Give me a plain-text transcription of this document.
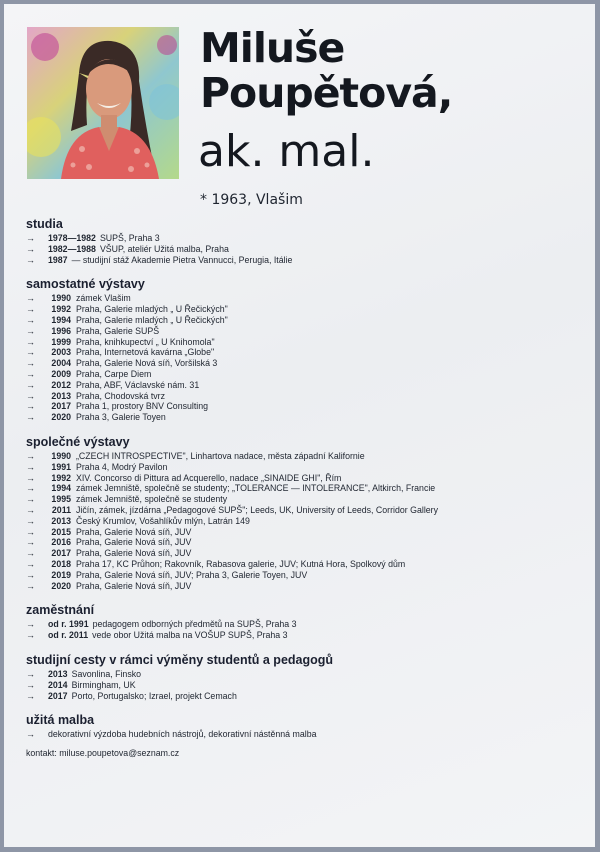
Miluše
Poupětová,
ak. mal.
* 1963, Vlašim
studia
→	1978—1982 SUPŠ, Praha 3
→	1982—1988 VŠUP, ateliér Užitá malba, Praha
→	1987 — studijní stáž Akademie Pietra Vannucci, Perugia, Itálie
samostatné výstavy
→	1990 zámek Vlašim
→	1992 Praha, Galerie mladých „ U Řečických"
→	1994 Praha, Galerie mladých „ U Řečických"
→	1996 Praha, Galerie SUPŠ
→	1999 Praha, knihkupectví „ U Knihomola"
→	2003 Praha, Internetová kavárna „Globe"
→	2004 Praha, Galerie Nová síň, Voršilská 3
→	2009 Praha, Carpe Diem
→	2012 Praha, ABF, Václavské nám. 31
→	2013 Praha, Chodovská tvrz
→	2017 Praha 1, prostory BNV Consulting
→	2020 Praha 3, Galerie Toyen
společné výstavy
→	1990 „CZECH INTROSPECTIVE", Linhartova nadace, města západní Kalifornie
→	1991 Praha 4, Modrý Pavilon
→	1992 XIV. Concorso di Pittura ad Acquerello, nadace „SINAIDE GHI", Řím
→	1994 zámek Jemniště, společně se studenty; „TOLERANCE — INTOLERANCE", Altkirch, Francie
→	1995 zámek Jemniště, společně se studenty
→	2011 Jičín, zámek, jízdárna „Pedagogové SUPŠ"; Leeds, UK, University of Leeds, Corridor Gallery
→	2013 Český Krumlov, Vošahlíkův mlýn, Latrán 149
→	2015 Praha, Galerie Nová síň, JUV
→	2016 Praha, Galerie Nová síň, JUV
→	2017 Praha, Galerie Nová síň, JUV
→	2018 Praha 17, KC Průhon; Rakovník, Rabasova galerie, JUV; Kutná Hora, Spolkový dům
→	2019 Praha, Galerie Nová síň, JUV; Praha 3, Galerie Toyen, JUV
→	2020 Praha, Galerie Nová síň, JUV
zaměstnání
→	od r. 1991 pedagogem odborných předmětů na SUPŠ, Praha 3
→	od r. 2011 vede obor Užitá malba na VOŠUP SUPŠ, Praha 3
studijní cesty v rámci výměny studentů a pedagogů
→	2013 Savonlina, Finsko
→	2014 Birmingham, UK
→	2017 Porto, Portugalsko; Izrael, projekt Cemach
užitá malba
→	dekorativní výzdoba hudebních nástrojů, dekorativní nástěnná malba
kontakt: miluse.poupetova@seznam.cz
